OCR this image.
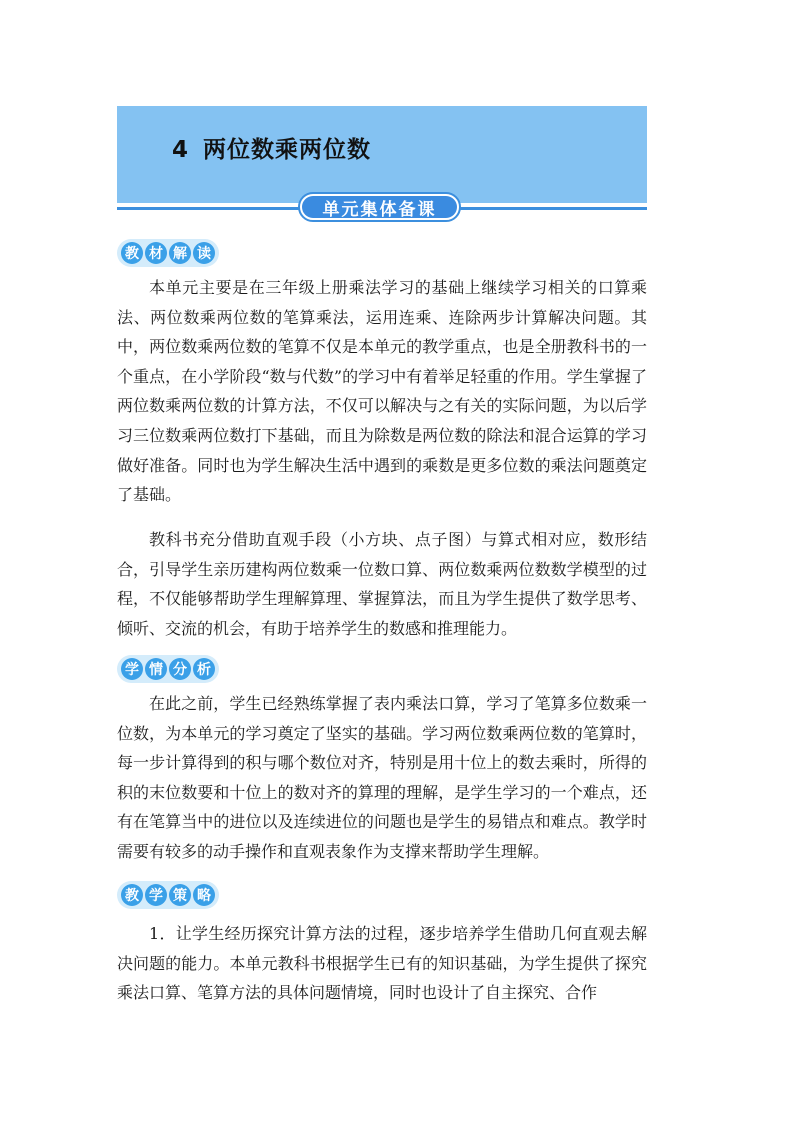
4 两位数乘两位数
单元集体备课
教 材 解 读

本单元主要是在三年级上册乘法学习的基础上继续学习相关的口算乘法、两位数乘两位数的笔算乘法，运用连乘、连除两步计算解决问题。其中，两位数乘两位数的笔算不仅是本单元的教学重点，也是全册教科书的一个重点，在小学阶段“数与代数”的学习中有着举足轻重的作用。学生掌握了两位数乘两位数的计算方法，不仅可以解决与之有关的实际问题，为以后学习三位数乘两位数打下基础，而且为除数是两位数的除法和混合运算的学习做好准备。同时也为学生解决生活中遇到的乘数是更多位数的乘法问题奠定了基础。

教科书充分借助直观手段（小方块、点子图）与算式相对应，数形结合，引导学生亲历建构两位数乘一位数口算、两位数乘两位数数学模型的过程，不仅能够帮助学生理解算理、掌握算法，而且为学生提供了数学思考、倾听、交流的机会，有助于培养学生的数感和推理能力。

学 情 分 析

在此之前，学生已经熟练掌握了表内乘法口算，学习了笔算多位数乘一位数，为本单元的学习奠定了坚实的基础。学习两位数乘两位数的笔算时，每一步计算得到的积与哪个数位对齐，特别是用十位上的数去乘时，所得的积的末位数要和十位上的数对齐的算理的理解，是学生学习的一个难点，还有在笔算当中的进位以及连续进位的问题也是学生的易错点和难点。教学时需要有较多的动手操作和直观表象作为支撑来帮助学生理解。

教 学 策 略

1．让学生经历探究计算方法的过程，逐步培养学生借助几何直观去解决问题的能力。本单元教科书根据学生已有的知识基础，为学生提供了探究乘法口算、笔算方法的具体问题情境，同时也设计了自主探究、合作
